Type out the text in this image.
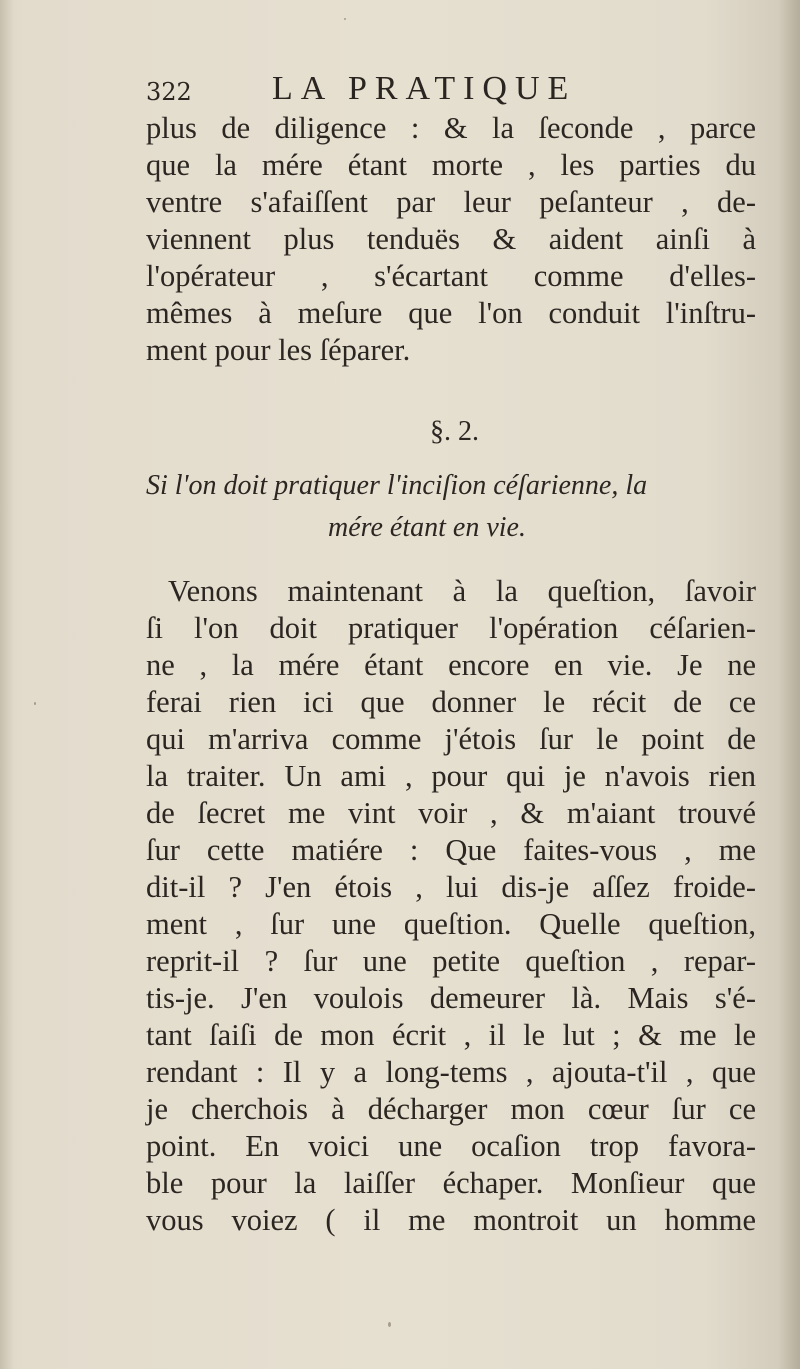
322 LA PRATIQUE
plus de diligence : & la ſeconde , parce
que la mére étant morte , les parties du
ventre s'afaiſſent par leur peſanteur , de-
viennent plus tenduës & aident ainſi à
l'opérateur , s'écartant comme d'elles-
mêmes à meſure que l'on conduit l'inſtru-
ment pour les ſéparer.
§. 2.
Si l'on doit pratiquer l'inciſion céſarienne, la
mére étant en vie.
Venons maintenant à la queſtion, ſavoir
ſi l'on doit pratiquer l'opération céſarien-
ne , la mére étant encore en vie. Je ne
ferai rien ici que donner le récit de ce
qui m'arriva comme j'étois ſur le point de
la traiter. Un ami , pour qui je n'avois rien
de ſecret me vint voir , & m'aiant trouvé
ſur cette matiére : Que faites-vous , me
dit-il ? J'en étois , lui dis-je aſſez froide-
ment , ſur une queſtion. Quelle queſtion,
reprit-il ? ſur une petite queſtion , repar-
tis-je. J'en voulois demeurer là. Mais s'é-
tant ſaiſi de mon écrit , il le lut ; & me le
rendant : Il y a long-tems , ajouta-t'il , que
je cherchois à décharger mon cœur ſur ce
point. En voici une ocaſion trop favora-
ble pour la laiſſer échaper. Monſieur que
vous voiez ( il me montroit un homme
